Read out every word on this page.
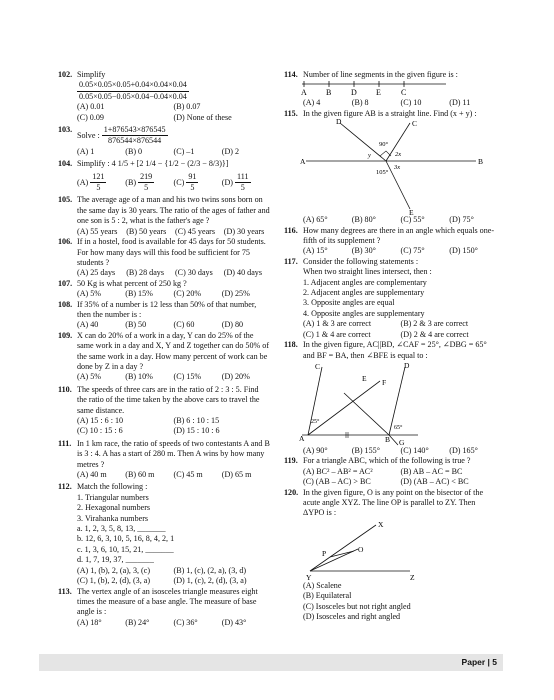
102. Simplify

$\frac{0.05\times 0.05\times 0.05+0.04\times 0.04\times 0.04}{0.05\times 0.05-0.05\times 0.04-0.04\times 0.04}$
(A) 0.01	(B) 0.07
(C) 0.09	(D) None of these
103.
Solve : $\frac{1+876543\times 876545}{876544\times 876544}$
(A) 1	(B) 0	(C) –1	(D) 2
104. Simplify : 4 1/5 + [2 1/4 − {1/2 − (2/3 − 8/3)}]
$(A) \frac{121}{5} (B) \frac{219}{5} (C) \frac{91}{5}$	$(D) \frac{111}{5}$
105. The average age of a man and his two twins sons born on the same day is 30 years. The ratio of the ages of father and one son is 5 : 2, what is the father's age ?
(A) 55 years	(B) 50 years	(C) 45 years	(D) 30 years
106. If in a hostel, food is available for 45 days for 50 students. For how many days will this food be sufficient for 75 students ?
(A) 25 days	(B) 28 days	(C) 30 days	(D) 40 days
107. 50 Kg is what percent of 250 kg ?
(A) 5%	(B) 15%	(C) 20%	(D) 25%
108. If 35% of a number is 12 less than 50% of that number, then the number is :
(A) 40	(B) 50	(C) 60	(D) 80
109. X can do 20% of a work in a day, Y can do 25% of the same work in a day and X, Y and Z together can do 50% of the same work in a day. How many percent of work can be done by Z in a day ?
(A) 5%	(B) 10%	(C) 15%	(D) 20%
110. The speeds of three cars are in the ratio of 2 : 3 : 5. Find the ratio of the time taken by the above cars to travel the same distance.
(A) 15 : 6 : 10	(B) 6 : 10 : 15
(C) 10 : 15 : 6	(D) 15 : 10 : 6
111. In 1 km race, the ratio of speeds of two contestants A and B is 3 : 4. A has a start of 280 m. Then A wins by how many metres ?
(A) 40 m	(B) 60 m	(C) 45 m	(D) 65 m
112. Match the following :
1. Triangular numbers
2. Hexagonal numbers
3. Virahanka numbers
a. 1, 2, 3, 5, 8, 13, _______
b. 12, 6, 3, 10, 5, 16, 8, 4, 2, 1
c. 1, 3, 6, 10, 15, 21, _______
d. 1, 7, 19, 37, _______
(A) 1, (b), 2, (a), 3, (c)	(B) 1, (c), (2, a), (3, d)
(C) 1, (b), 2, (d), (3, a)	(D) 1, (c), 2, (d), (3, a)
113. The vertex angle of an isosceles triangle measures eight times the measure of a base angle. The measure of base angle is :
(A) 18°	(B) 24°	(C) 36°	(D) 43°
114. Number of line segments in the given figure is :
A B D E	C
(A) 4	(B) 8	(C) 10	(D) 11
115. In the given figure AB is a straight line. Find (x + y) :
D	C
A	B
E
90°
y	2x
3x
105°
(A) 65°	(B) 80°	(C) 55°	(D) 75°
116. How many degrees are there in an angle which equals one-fifth of its supplement ?
(A) 15°	(B) 30°	(C) 75°	(D) 150°
117. Consider the following statements :
When two straight lines intersect, then :
1. Adjacent angles are complementary
2. Adjacent angles are supplementary
3. Opposite angles are equal
4. Opposite angles are supplementary
(A) 1 & 3 are correct	(B) 2 & 3 are correct
(C) 1 & 4 are correct	(D) 2 & 4 are correct
118. In the given figure, AC||BD, ∠CAF = 25°, ∠DBG = 65° and BF = BA, then ∠BFE is equal to :
C	D
E F
A	B G
25°
65°
(A) 90°	(B) 155°	(C) 140°	(D) 165°
119. For a triangle ABC, which of the following is true ?
(A) BC² – AB² = AC²	(B) AB – AC = BC
(C) (AB – AC) > BC	(D) (AB – AC) < BC
120. In the given figure, O is any point on the bisector of the acute angle XYZ. The line OP is parallel to ZY. Then ΔYPO is :
X
P	O
Y	Z
(A) Scalene
(B) Equilateral
(C) Isosceles but not right angled
(D) Isosceles and right angled
Paper | 5
